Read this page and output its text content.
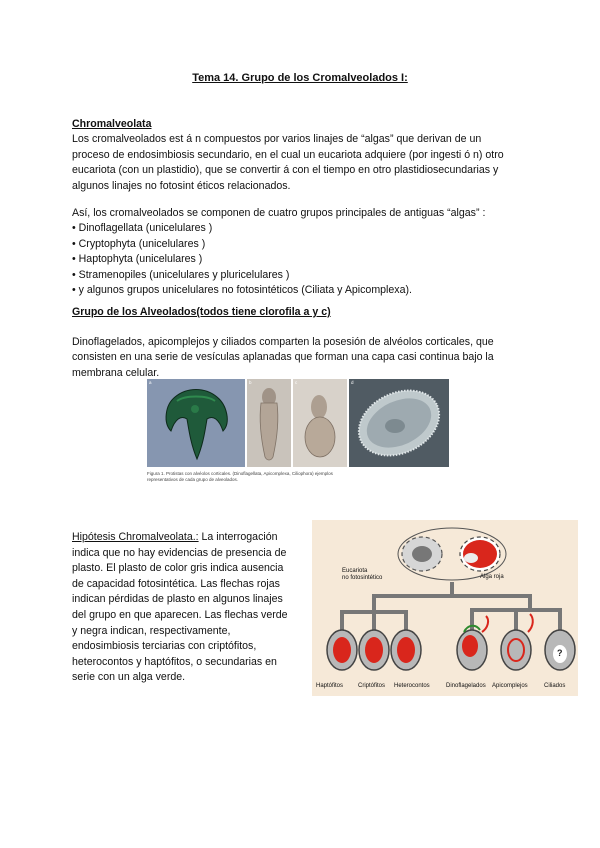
Tema 14. Grupo de los Cromalveolados I:
Chromalveolata
Los cromalveolados est á n compuestos por varios linajes de “algas” que derivan de un
proceso de endosimbiosis secundario, en el cual un eucariota adquiere (por ingesti ó n) otro
eucariota (con un plastidio), que se convertir á con el tiempo en otro plastidiosecundarias y
algunos linajes no fotosint éticos relacionados.
Así, los cromalveolados se componen de cuatro grupos principales de antiguas “algas” :
• Dinoflagellata (unicelulares )
• Cryptophyta (unicelulares )
• Haptophyta (unicelulares )
• Stramenopiles (unicelulares y pluricelulares )
• y algunos grupos unicelulares no fotosintéticos (Ciliata y Apicomplexa).
Grupo de los Alveolados(todos tiene clorofila a y c)
Dinoflagelados, apicomplejos y ciliados comparten la posesión de alvéolos corticales, que
consisten en una serie de vesículas aplanadas que forman una capa casi continua bajo la
membrana celular.
a	b	c	d
Figura 1. Protistas con alvéolos corticales. (Dinoflagellata, Apicomplexa, Ciliophora) ejemplos
representativos de cada grupo de alveolados.
Hipótesis Chromalveolata.: La interrogación
indica que no hay evidencias de presencia de
plasto. El plasto de color gris indica ausencia
de capacidad fotosintética. Las flechas rojas
indican pérdidas de plasto en algunos linajes
del grupo en que aparecen. Las flechas verde
y negra indican, respectivamente,
endosimbiosis terciarias con criptófitos,
heterocontos y haptófitos, o secundarias en
serie con un alga verde.
Eucariota
no fotosintético	Alga roja
?
Haptófitos Criptófitos Heterocontos	Dinoflagelados Apicomplejos	Ciliados
